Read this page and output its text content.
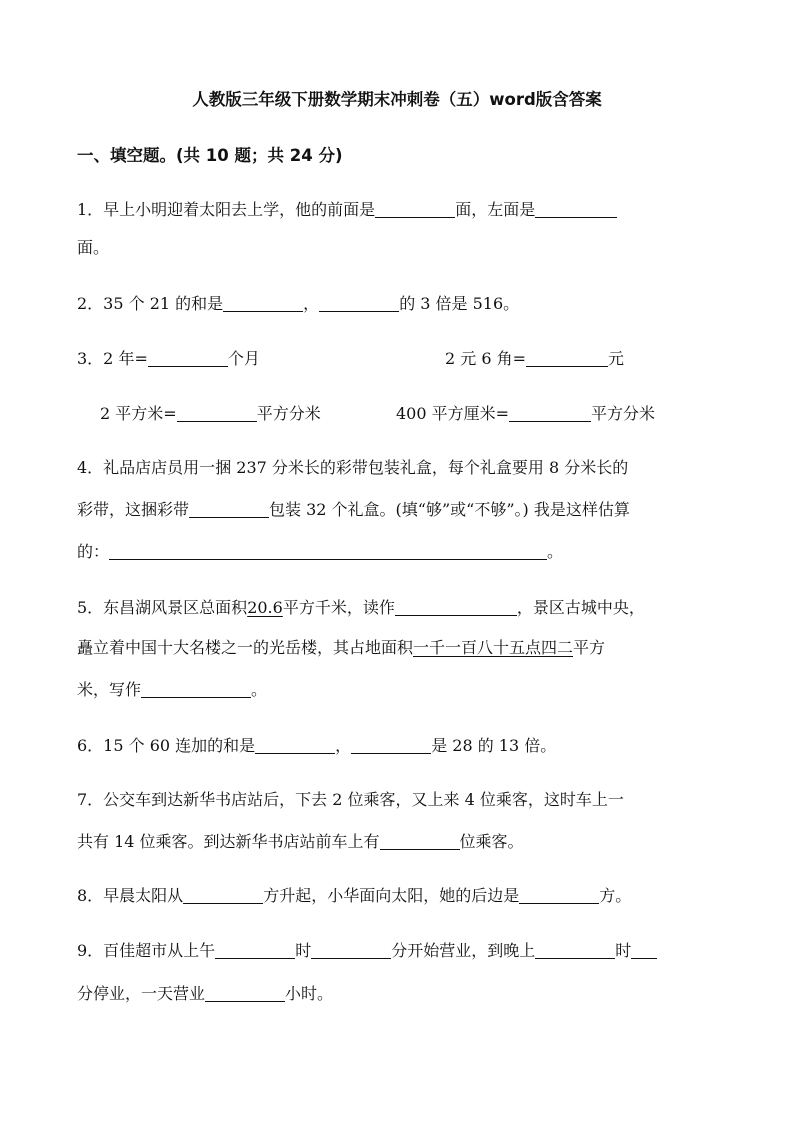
人教版三年级下册数学期末冲刺卷（五）word版含答案
一、填空题。(共 10 题；共 24 分)
1．早上小明迎着太阳去上学，他的前面是	面，左面是
面。
2．35 个 21 的和是	，	的 3 倍是 516。
3．2 年=	个月	2 元 6 角=	元
2 平方米=	平方分米	400 平方厘米=	平方分米
4．礼品店店员用一捆 237 分米长的彩带包装礼盒，每个礼盒要用 8 分米长的
彩带，这捆彩带	包装 32 个礼盒。(填“够”或“不够”。) 我是这样估算
的：	。
5．东昌湖风景区总面积20.6平方千米，读作	，景区古城中央，
矗立着中国十大名楼之一的光岳楼，其占地面积一千一百八十五点四二平方
米，写作	。
6．15 个 60 连加的和是	，	是 28 的 13 倍。
7．公交车到达新华书店站后，下去 2 位乘客，又上来 4 位乘客，这时车上一
共有 14 位乘客。到达新华书店站前车上有	位乘客。
8．早晨太阳从	方升起，小华面向太阳，她的后边是	方。
9．百佳超市从上午	时	分开始营业，到晚上	时
分停业，一天营业	小时。
